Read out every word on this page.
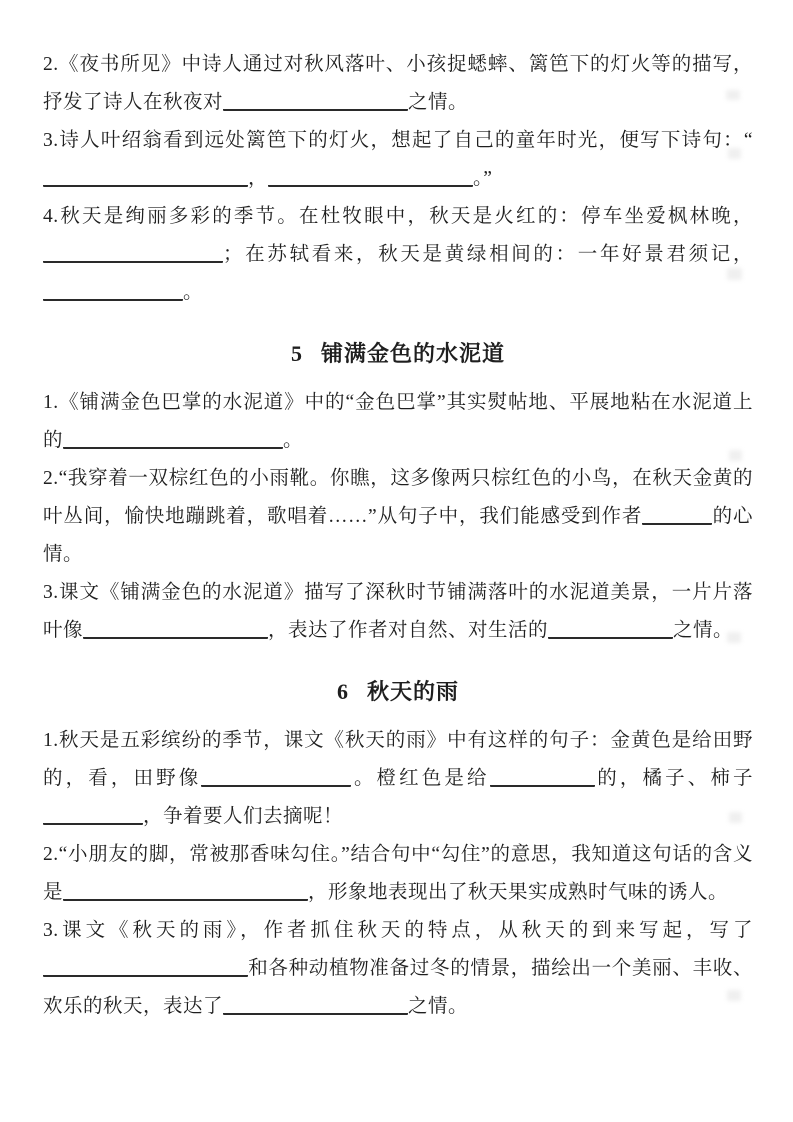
2.《夜书所见》中诗人通过对秋风落叶、小孩捉蟋蟀、篱笆下的灯火等的描写，抒发了诗人在秋夜对	之情。

3.诗人叶绍翁看到远处篱笆下的灯火，想起了自己的童年时光，便写下诗句：“，	。”

4.秋天是绚丽多彩的季节。在杜牧眼中，秋天是火红的：停车坐爱枫林晚，；在苏轼看来，秋天是黄绿相间的：一年好景君须记，。

5 铺满金色的水泥道

1.《铺满金色巴掌的水泥道》中的“金色巴掌”其实熨帖地、平展地粘在水泥道上的	。

2.“我穿着一双棕红色的小雨靴。你瞧，这多像两只棕红色的小鸟，在秋天金黄的叶丛间，愉快地蹦跳着，歌唱着……”从句子中，我们能感受到作者	的心情。

3.课文《铺满金色的水泥道》描写了深秋时节铺满落叶的水泥道美景，一片片落叶像	，表达了作者对自然、对生活的	之情。

6 秋天的雨

1.秋天是五彩缤纷的季节，课文《秋天的雨》中有这样的句子：金黄色是给田野的，看，田野像	。橙红色是给	的，橘子、柿子，争着要人们去摘呢！

2.“小朋友的脚，常被那香味勾住。”结合句中“勾住”的意思，我知道这句话的含义是	，形象地表现出了秋天果实成熟时气味的诱人。

3.课文《秋天的雨》，作者抓住秋天的特点，从秋天的到来写起，写了和各种动植物准备过冬的情景，描绘出一个美丽、丰收、欢乐的秋天，表达了	之情。
